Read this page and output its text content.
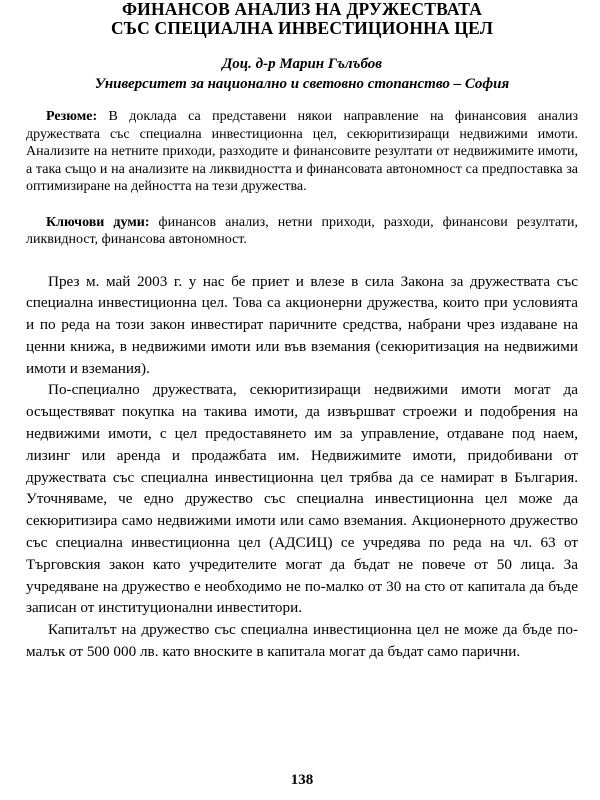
ФИНАНСОВ АНАЛИЗ НА ДРУЖЕСТВАТА
СЪС СПЕЦИАЛНА ИНВЕСТИЦИОННА ЦЕЛ

Доц. д-р Марин Гълъбов

Университет за национално и световно стопанство – София

Резюме: В доклада са представени някои направление на финансовия анализ дружествата със специална инвестиционна цел, секюритизиращи недвижими имоти. Анализите на нетните приходи, разходите и финансовите резултати от недвижимите имоти, а така също и на анализите на ликвидността и финансовата автономност са предпоставка за оптимизиране на дейността на тези дружества.

Ключови думи: финансов анализ, нетни приходи, разходи, финансови резултати, ликвидност, финансова автономност.

През м. май 2003 г. у нас бе приет и влезе в сила Закона за дружествата със специална инвестиционна цел. Това са акционерни дружества, които при условията и по реда на този закон инвестират паричните средства, набрани чрез издаване на ценни книжа, в недвижими имоти или във вземания (секюритизация на недвижими имоти и вземания).

По-специално дружествата, секюритизиращи недвижими имоти могат да осъществяват покупка на такива имоти, да извършват строежи и подобрения на недвижими имоти, с цел предоставянето им за управление, отдаване под наем, лизинг или аренда и продажбата им. Недвижимите имоти, придобивани от дружествата със специална инвестиционна цел трябва да се намират в България. Уточняваме, че едно дружество със специална инвестиционна цел може да секюритизира само недвижими имоти или само вземания. Акционерното дружество със специална инвестиционна цел (АДСИЦ) се учредява по реда на чл. 63 от Търговския закон като учредителите могат да бъдат не повече от 50 лица. За учредяване на дружество е необходимо не по-малко от 30 на сто от капитала да бъде записан от институционални инвеститори.

Капиталът на дружество със специална инвестиционна цел не може да бъде по-малък от 500 000 лв. като вноските в капитала могат да бъдат само парични.

138
